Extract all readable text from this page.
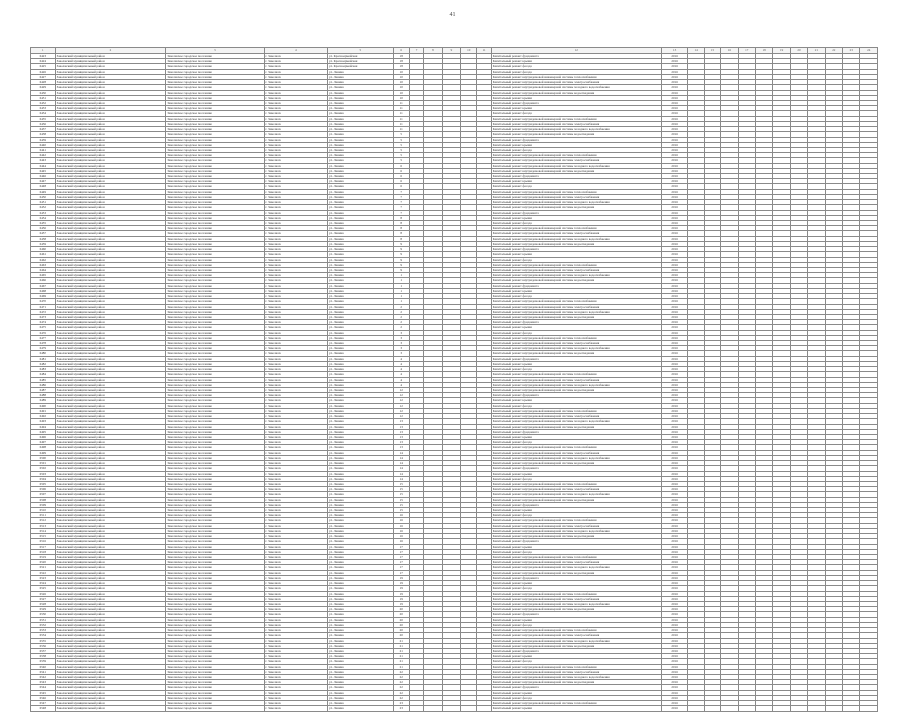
41
1	2	3	4	5	6	7	8	9	10	11	12	13	14	15	16	17	18	19	20	21	22	23	24
6423	Заволжский муниципальный район	Заволжское городское поселение	г. Заволжск	ул. Красноармейская	18						Капитальный ремонт фундамента	2016											
6424	Заволжский муниципальный район	Заволжское городское поселение	г. Заволжск	ул. Красноармейская	18						Капитальный ремонт крыши	2016											
6425	Заволжский муниципальный район	Заволжское городское поселение	г. Заволжск	ул. Красноармейская	18						Капитальный ремонт фасада	2016											
6426	Заволжский муниципальный район	Заволжское городское поселение	г. Заволжск	ул. Ленина	10						Капитальный ремонт фасада	2016											
6427	Заволжский муниципальный район	Заволжское городское поселение	г. Заволжск	ул. Ленина	10						Капитальный ремонт внутридомовой инженерной системы теплоснабжения	2016											
6428	Заволжский муниципальный район	Заволжское городское поселение	г. Заволжск	ул. Ленина	10						Капитальный ремонт внутридомовой инженерной системы электроснабжения	2016											
6429	Заволжский муниципальный район	Заволжское городское поселение	г. Заволжск	ул. Ленина	10						Капитальный ремонт внутридомовой инженерной системы холодного водоснабжения	2016											
6430	Заволжский муниципальный район	Заволжское городское поселение	г. Заволжск	ул. Ленина	10						Капитальный ремонт внутридомовой инженерной системы водоотведения	2016											
6431	Заволжский муниципальный район	Заволжское городское поселение	г. Заволжск	ул. Ленина	10						Капитальный ремонт крыши	2016											
6432	Заволжский муниципальный район	Заволжское городское поселение	г. Заволжск	ул. Ленина	11						Капитальный ремонт фундамента	2016											
6433	Заволжский муниципальный район	Заволжское городское поселение	г. Заволжск	ул. Ленина	11						Капитальный ремонт крыши	2016											
6434	Заволжский муниципальный район	Заволжское городское поселение	г. Заволжск	ул. Ленина	11						Капитальный ремонт фасада	2016											
6435	Заволжский муниципальный район	Заволжское городское поселение	г. Заволжск	ул. Ленина	11						Капитальный ремонт внутридомовой инженерной системы теплоснабжения	2016											
6436	Заволжский муниципальный район	Заволжское городское поселение	г. Заволжск	ул. Ленина	11						Капитальный ремонт внутридомовой инженерной системы электроснабжения	2016											
6437	Заволжский муниципальный район	Заволжское городское поселение	г. Заволжск	ул. Ленина	11						Капитальный ремонт внутридомовой инженерной системы холодного водоснабжения	2016											
6438	Заволжский муниципальный район	Заволжское городское поселение	г. Заволжск	ул. Ленина	5						Капитальный ремонт внутридомовой инженерной системы водоотведения	2016											
6439	Заволжский муниципальный район	Заволжское городское поселение	г. Заволжск	ул. Ленина	5						Капитальный ремонт фундамента	2016											
6440	Заволжский муниципальный район	Заволжское городское поселение	г. Заволжск	ул. Ленина	5						Капитальный ремонт крыши	2016											
6441	Заволжский муниципальный район	Заволжское городское поселение	г. Заволжск	ул. Ленина	5						Капитальный ремонт фасада	2016											
6442	Заволжский муниципальный район	Заволжское городское поселение	г. Заволжск	ул. Ленина	5						Капитальный ремонт внутридомовой инженерной системы теплоснабжения	2016											
6443	Заволжский муниципальный район	Заволжское городское поселение	г. Заволжск	ул. Ленина	5						Капитальный ремонт внутридомовой инженерной системы электроснабжения	2016											
6444	Заволжский муниципальный район	Заволжское городское поселение	г. Заволжск	ул. Ленина	6						Капитальный ремонт внутридомовой инженерной системы холодного водоснабжения	2016											
6445	Заволжский муниципальный район	Заволжское городское поселение	г. Заволжск	ул. Ленина	6						Капитальный ремонт внутридомовой инженерной системы водоотведения	2016											
6446	Заволжский муниципальный район	Заволжское городское поселение	г. Заволжск	ул. Ленина	6						Капитальный ремонт фундамента	2016											
6447	Заволжский муниципальный район	Заволжское городское поселение	г. Заволжск	ул. Ленина	6						Капитальный ремонт крыши	2016											
6448	Заволжский муниципальный район	Заволжское городское поселение	г. Заволжск	ул. Ленина	6						Капитальный ремонт фасада	2016											
6449	Заволжский муниципальный район	Заволжское городское поселение	г. Заволжск	ул. Ленина	7						Капитальный ремонт внутридомовой инженерной системы теплоснабжения	2016											
6450	Заволжский муниципальный район	Заволжское городское поселение	г. Заволжск	ул. Ленина	7						Капитальный ремонт внутридомовой инженерной системы электроснабжения	2016											
6451	Заволжский муниципальный район	Заволжское городское поселение	г. Заволжск	ул. Ленина	7						Капитальный ремонт внутридомовой инженерной системы холодного водоснабжения	2016											
6452	Заволжский муниципальный район	Заволжское городское поселение	г. Заволжск	ул. Ленина	7						Капитальный ремонт внутридомовой инженерной системы водоотведения	2016											
6453	Заволжский муниципальный район	Заволжское городское поселение	г. Заволжск	ул. Ленина	7						Капитальный ремонт фундамента	2016											
6454	Заволжский муниципальный район	Заволжское городское поселение	г. Заволжск	ул. Ленина	8						Капитальный ремонт крыши	2016											
6455	Заволжский муниципальный район	Заволжское городское поселение	г. Заволжск	ул. Ленина	8						Капитальный ремонт фасада	2016											
6456	Заволжский муниципальный район	Заволжское городское поселение	г. Заволжск	ул. Ленина	8						Капитальный ремонт внутридомовой инженерной системы теплоснабжения	2016											
6457	Заволжский муниципальный район	Заволжское городское поселение	г. Заволжск	ул. Ленина	8						Капитальный ремонт внутридомовой инженерной системы электроснабжения	2016											
6458	Заволжский муниципальный район	Заволжское городское поселение	г. Заволжск	ул. Ленина	8						Капитальный ремонт внутридомовой инженерной системы холодного водоснабжения	2016											
6459	Заволжский муниципальный район	Заволжское городское поселение	г. Заволжск	ул. Ленина	9						Капитальный ремонт внутридомовой инженерной системы водоотведения	2016											
6460	Заволжский муниципальный район	Заволжское городское поселение	г. Заволжск	ул. Ленина	9						Капитальный ремонт фундамента	2016											
6461	Заволжский муниципальный район	Заволжское городское поселение	г. Заволжск	ул. Ленина	9						Капитальный ремонт крыши	2016											
6462	Заволжский муниципальный район	Заволжское городское поселение	г. Заволжск	ул. Ленина	9						Капитальный ремонт фасада	2016											
6463	Заволжский муниципальный район	Заволжское городское поселение	г. Заволжск	ул. Ленина	9						Капитальный ремонт внутридомовой инженерной системы теплоснабжения	2016											
6464	Заволжский муниципальный район	Заволжское городское поселение	г. Заволжск	ул. Ленина	9						Капитальный ремонт внутридомовой инженерной системы электроснабжения	2016											
6465	Заволжский муниципальный район	Заволжское городское поселение	г. Заволжск	ул. Ленина	1						Капитальный ремонт внутридомовой инженерной системы холодного водоснабжения	2016											
6466	Заволжский муниципальный район	Заволжское городское поселение	г. Заволжск	ул. Ленина	1						Капитальный ремонт внутридомовой инженерной системы водоотведения	2016											
6467	Заволжский муниципальный район	Заволжское городское поселение	г. Заволжск	ул. Ленина	1						Капитальный ремонт фундамента	2016											
6468	Заволжский муниципальный район	Заволжское городское поселение	г. Заволжск	ул. Ленина	1						Капитальный ремонт крыши	2016											
6469	Заволжский муниципальный район	Заволжское городское поселение	г. Заволжск	ул. Ленина	1						Капитальный ремонт фасада	2016											
6470	Заволжский муниципальный район	Заволжское городское поселение	г. Заволжск	ул. Ленина	1						Капитальный ремонт внутридомовой инженерной системы теплоснабжения	2016											
6471	Заволжский муниципальный район	Заволжское городское поселение	г. Заволжск	ул. Ленина	2						Капитальный ремонт внутридомовой инженерной системы электроснабжения	2016											
6472	Заволжский муниципальный район	Заволжское городское поселение	г. Заволжск	ул. Ленина	2						Капитальный ремонт внутридомовой инженерной системы холодного водоснабжения	2016											
6473	Заволжский муниципальный район	Заволжское городское поселение	г. Заволжск	ул. Ленина	2						Капитальный ремонт внутридомовой инженерной системы водоотведения	2016											
6474	Заволжский муниципальный район	Заволжское городское поселение	г. Заволжск	ул. Ленина	2						Капитальный ремонт фундамента	2016											
6475	Заволжский муниципальный район	Заволжское городское поселение	г. Заволжск	ул. Ленина	2						Капитальный ремонт крыши	2016											
6476	Заволжский муниципальный район	Заволжское городское поселение	г. Заволжск	ул. Ленина	3						Капитальный ремонт фасада	2016											
6477	Заволжский муниципальный район	Заволжское городское поселение	г. Заволжск	ул. Ленина	3						Капитальный ремонт внутридомовой инженерной системы теплоснабжения	2016											
6478	Заволжский муниципальный район	Заволжское городское поселение	г. Заволжск	ул. Ленина	3						Капитальный ремонт внутридомовой инженерной системы электроснабжения	2016											
6479	Заволжский муниципальный район	Заволжское городское поселение	г. Заволжск	ул. Ленина	3						Капитальный ремонт внутридомовой инженерной системы холодного водоснабжения	2016											
6480	Заволжский муниципальный район	Заволжское городское поселение	г. Заволжск	ул. Ленина	3						Капитальный ремонт внутридомовой инженерной системы водоотведения	2016											
6481	Заволжский муниципальный район	Заволжское городское поселение	г. Заволжск	ул. Ленина	4						Капитальный ремонт фундамента	2016											
6482	Заволжский муниципальный район	Заволжское городское поселение	г. Заволжск	ул. Ленина	4						Капитальный ремонт крыши	2016											
6483	Заволжский муниципальный район	Заволжское городское поселение	г. Заволжск	ул. Ленина	4						Капитальный ремонт фасада	2016											
6484	Заволжский муниципальный район	Заволжское городское поселение	г. Заволжск	ул. Ленина	4						Капитальный ремонт внутридомовой инженерной системы теплоснабжения	2016											
6485	Заволжский муниципальный район	Заволжское городское поселение	г. Заволжск	ул. Ленина	4						Капитальный ремонт внутридомовой инженерной системы электроснабжения	2016											
6486	Заволжский муниципальный район	Заволжское городское поселение	г. Заволжск	ул. Ленина	4						Капитальный ремонт внутридомовой инженерной системы холодного водоснабжения	2016											
6487	Заволжский муниципальный район	Заволжское городское поселение	г. Заволжск	ул. Ленина	12						Капитальный ремонт внутридомовой инженерной системы водоотведения	2016											
6488	Заволжский муниципальный район	Заволжское городское поселение	г. Заволжск	ул. Ленина	12						Капитальный ремонт фундамента	2016											
6489	Заволжский муниципальный район	Заволжское городское поселение	г. Заволжск	ул. Ленина	12						Капитальный ремонт крыши	2016											
6490	Заволжский муниципальный район	Заволжское городское поселение	г. Заволжск	ул. Ленина	12						Капитальный ремонт фасада	2016											
6491	Заволжский муниципальный район	Заволжское городское поселение	г. Заволжск	ул. Ленина	12						Капитальный ремонт внутридомовой инженерной системы теплоснабжения	2016											
6492	Заволжский муниципальный район	Заволжское городское поселение	г. Заволжск	ул. Ленина	12						Капитальный ремонт внутридомовой инженерной системы электроснабжения	2016											
6493	Заволжский муниципальный район	Заволжское городское поселение	г. Заволжск	ул. Ленина	13						Капитальный ремонт внутридомовой инженерной системы холодного водоснабжения	2016											
6494	Заволжский муниципальный район	Заволжское городское поселение	г. Заволжск	ул. Ленина	13						Капитальный ремонт внутридомовой инженерной системы водоотведения	2016											
6495	Заволжский муниципальный район	Заволжское городское поселение	г. Заволжск	ул. Ленина	13						Капитальный ремонт фундамента	2016											
6496	Заволжский муниципальный район	Заволжское городское поселение	г. Заволжск	ул. Ленина	13						Капитальный ремонт крыши	2016											
6497	Заволжский муниципальный район	Заволжское городское поселение	г. Заволжск	ул. Ленина	13						Капитальный ремонт фасада	2016											
6498	Заволжский муниципальный район	Заволжское городское поселение	г. Заволжск	ул. Ленина	13						Капитальный ремонт внутридомовой инженерной системы теплоснабжения	2016											
6499	Заволжский муниципальный район	Заволжское городское поселение	г. Заволжск	ул. Ленина	14						Капитальный ремонт внутридомовой инженерной системы электроснабжения	2016											
6500	Заволжский муниципальный район	Заволжское городское поселение	г. Заволжск	ул. Ленина	14						Капитальный ремонт внутридомовой инженерной системы холодного водоснабжения	2016											
6501	Заволжский муниципальный район	Заволжское городское поселение	г. Заволжск	ул. Ленина	14						Капитальный ремонт внутридомовой инженерной системы водоотведения	2016											
6502	Заволжский муниципальный район	Заволжское городское поселение	г. Заволжск	ул. Ленина	14						Капитальный ремонт фундамента	2016											
6503	Заволжский муниципальный район	Заволжское городское поселение	г. Заволжск	ул. Ленина	14						Капитальный ремонт крыши	2016											
6504	Заволжский муниципальный район	Заволжское городское поселение	г. Заволжск	ул. Ленина	14						Капитальный ремонт фасада	2016											
6505	Заволжский муниципальный район	Заволжское городское поселение	г. Заволжск	ул. Ленина	15						Капитальный ремонт внутридомовой инженерной системы теплоснабжения	2016											
6506	Заволжский муниципальный район	Заволжское городское поселение	г. Заволжск	ул. Ленина	15						Капитальный ремонт внутридомовой инженерной системы электроснабжения	2016											
6507	Заволжский муниципальный район	Заволжское городское поселение	г. Заволжск	ул. Ленина	15						Капитальный ремонт внутридомовой инженерной системы холодного водоснабжения	2016											
6508	Заволжский муниципальный район	Заволжское городское поселение	г. Заволжск	ул. Ленина	15						Капитальный ремонт внутридомовой инженерной системы водоотведения	2016											
6509	Заволжский муниципальный район	Заволжское городское поселение	г. Заволжск	ул. Ленина	15						Капитальный ремонт фундамента	2016											
6510	Заволжский муниципальный район	Заволжское городское поселение	г. Заволжск	ул. Ленина	15						Капитальный ремонт крыши	2016											
6511	Заволжский муниципальный район	Заволжское городское поселение	г. Заволжск	ул. Ленина	16						Капитальный ремонт фасада	2016											
6512	Заволжский муниципальный район	Заволжское городское поселение	г. Заволжск	ул. Ленина	16						Капитальный ремонт внутридомовой инженерной системы теплоснабжения	2016											
6513	Заволжский муниципальный район	Заволжское городское поселение	г. Заволжск	ул. Ленина	16						Капитальный ремонт внутридомовой инженерной системы электроснабжения	2016											
6514	Заволжский муниципальный район	Заволжское городское поселение	г. Заволжск	ул. Ленина	16						Капитальный ремонт внутридомовой инженерной системы холодного водоснабжения	2016											
6515	Заволжский муниципальный район	Заволжское городское поселение	г. Заволжск	ул. Ленина	16						Капитальный ремонт внутридомовой инженерной системы водоотведения	2016											
6516	Заволжский муниципальный район	Заволжское городское поселение	г. Заволжск	ул. Ленина	16						Капитальный ремонт фундамента	2016											
6517	Заволжский муниципальный район	Заволжское городское поселение	г. Заволжск	ул. Ленина	17						Капитальный ремонт крыши	2016											
6518	Заволжский муниципальный район	Заволжское городское поселение	г. Заволжск	ул. Ленина	17						Капитальный ремонт фасада	2016											
6519	Заволжский муниципальный район	Заволжское городское поселение	г. Заволжск	ул. Ленина	17						Капитальный ремонт внутридомовой инженерной системы теплоснабжения	2016											
6520	Заволжский муниципальный район	Заволжское городское поселение	г. Заволжск	ул. Ленина	17						Капитальный ремонт внутридомовой инженерной системы электроснабжения	2016											
6521	Заволжский муниципальный район	Заволжское городское поселение	г. Заволжск	ул. Ленина	17						Капитальный ремонт внутридомовой инженерной системы холодного водоснабжения	2016											
6522	Заволжский муниципальный район	Заволжское городское поселение	г. Заволжск	ул. Ленина	17						Капитальный ремонт внутридомовой инженерной системы водоотведения	2016											
6523	Заволжский муниципальный район	Заволжское городское поселение	г. Заволжск	ул. Ленина	19						Капитальный ремонт фундамента	2016											
6524	Заволжский муниципальный район	Заволжское городское поселение	г. Заволжск	ул. Ленина	19						Капитальный ремонт крыши	2016											
6525	Заволжский муниципальный район	Заволжское городское поселение	г. Заволжск	ул. Ленина	19						Капитальный ремонт фасада	2016											
6526	Заволжский муниципальный район	Заволжское городское поселение	г. Заволжск	ул. Ленина	19						Капитальный ремонт внутридомовой инженерной системы теплоснабжения	2016											
6527	Заволжский муниципальный район	Заволжское городское поселение	г. Заволжск	ул. Ленина	19						Капитальный ремонт внутридомовой инженерной системы электроснабжения	2016											
6528	Заволжский муниципальный район	Заволжское городское поселение	г. Заволжск	ул. Ленина	19						Капитальный ремонт внутридомовой инженерной системы холодного водоснабжения	2016											
6529	Заволжский муниципальный район	Заволжское городское поселение	г. Заволжск	ул. Ленина	20						Капитальный ремонт внутридомовой инженерной системы водоотведения	2016											
6530	Заволжский муниципальный район	Заволжское городское поселение	г. Заволжск	ул. Ленина	20						Капитальный ремонт фундамента	2016											
6531	Заволжский муниципальный район	Заволжское городское поселение	г. Заволжск	ул. Ленина	20						Капитальный ремонт крыши	2016											
6532	Заволжский муниципальный район	Заволжское городское поселение	г. Заволжск	ул. Ленина	20						Капитальный ремонт фасада	2016											
6533	Заволжский муниципальный район	Заволжское городское поселение	г. Заволжск	ул. Ленина	20						Капитальный ремонт внутридомовой инженерной системы теплоснабжения	2016											
6534	Заволжский муниципальный район	Заволжское городское поселение	г. Заволжск	ул. Ленина	20						Капитальный ремонт внутридомовой инженерной системы электроснабжения	2016											
6535	Заволжский муниципальный район	Заволжское городское поселение	г. Заволжск	ул. Ленина	21						Капитальный ремонт внутридомовой инженерной системы холодного водоснабжения	2016											
6536	Заволжский муниципальный район	Заволжское городское поселение	г. Заволжск	ул. Ленина	21						Капитальный ремонт внутридомовой инженерной системы водоотведения	2016											
6537	Заволжский муниципальный район	Заволжское городское поселение	г. Заволжск	ул. Ленина	21						Капитальный ремонт фундамента	2016											
6538	Заволжский муниципальный район	Заволжское городское поселение	г. Заволжск	ул. Ленина	21						Капитальный ремонт крыши	2016											
6539	Заволжский муниципальный район	Заволжское городское поселение	г. Заволжск	ул. Ленина	21						Капитальный ремонт фасада	2016											
6540	Заволжский муниципальный район	Заволжское городское поселение	г. Заволжск	ул. Ленина	21						Капитальный ремонт внутридомовой инженерной системы теплоснабжения	2016											
6541	Заволжский муниципальный район	Заволжское городское поселение	г. Заволжск	ул. Ленина	22						Капитальный ремонт внутридомовой инженерной системы электроснабжения	2016											
6542	Заволжский муниципальный район	Заволжское городское поселение	г. Заволжск	ул. Ленина	22						Капитальный ремонт внутридомовой инженерной системы холодного водоснабжения	2016											
6543	Заволжский муниципальный район	Заволжское городское поселение	г. Заволжск	ул. Ленина	22						Капитальный ремонт внутридомовой инженерной системы водоотведения	2016											
6544	Заволжский муниципальный район	Заволжское городское поселение	г. Заволжск	ул. Ленина	22						Капитальный ремонт фундамента	2016											
6545	Заволжский муниципальный район	Заволжское городское поселение	г. Заволжск	ул. Ленина	22						Капитальный ремонт крыши	2016											
6546	Заволжский муниципальный район	Заволжское городское поселение	г. Заволжск	ул. Ленина	22						Капитальный ремонт фасада	2016											
6547	Заволжский муниципальный район	Заволжское городское поселение	г. Заволжск	ул. Ленина	23						Капитальный ремонт внутридомовой инженерной системы теплоснабжения	2016											
6548	Заволжский муниципальный район	Заволжское городское поселение	г. Заволжск	ул. Ленина	23						Капитальный ремонт крыши	2016											
